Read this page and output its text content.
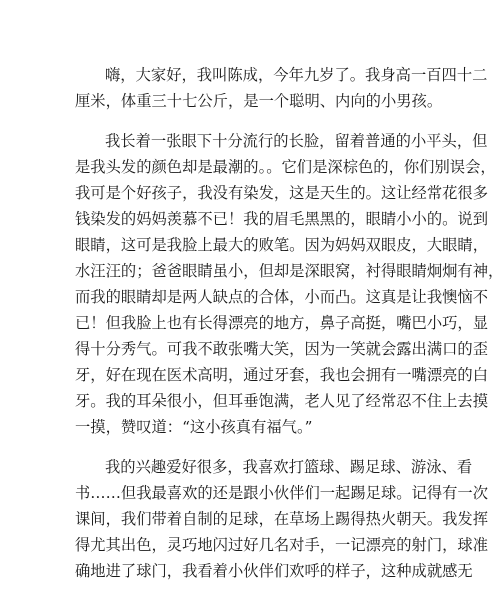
嗨，大家好，我叫陈成，今年九岁了。我身高一百四十二
厘米，体重三十七公斤，是一个聪明、内向的小男孩。

我长着一张眼下十分流行的长脸，留着普通的小平头，但
是我头发的颜色却是最潮的。。它们是深棕色的，你们别误会，
我可是个好孩子，我没有染发，这是天生的。这让经常花很多
钱染发的妈妈羡慕不已！我的眉毛黑黑的，眼睛小小的。说到
眼睛，这可是我脸上最大的败笔。因为妈妈双眼皮，大眼睛，
水汪汪的；爸爸眼睛虽小，但却是深眼窝，衬得眼睛炯炯有神，
而我的眼睛却是两人缺点的合体，小而凸。这真是让我懊恼不
已！但我脸上也有长得漂亮的地方，鼻子高挺，嘴巴小巧，显
得十分秀气。可我不敢张嘴大笑，因为一笑就会露出满口的歪
牙，好在现在医术高明，通过牙套，我也会拥有一嘴漂亮的白
牙。我的耳朵很小，但耳垂饱满，老人见了经常忍不住上去摸
一摸，赞叹道：“这小孩真有福气。”

我的兴趣爱好很多，我喜欢打篮球、踢足球、游泳、看
书……但我最喜欢的还是跟小伙伴们一起踢足球。记得有一次
课间，我们带着自制的足球，在草场上踢得热火朝天。我发挥
得尤其出色，灵巧地闪过好几名对手，一记漂亮的射门，球准
确地进了球门，我看着小伙伴们欢呼的样子，这种成就感无
